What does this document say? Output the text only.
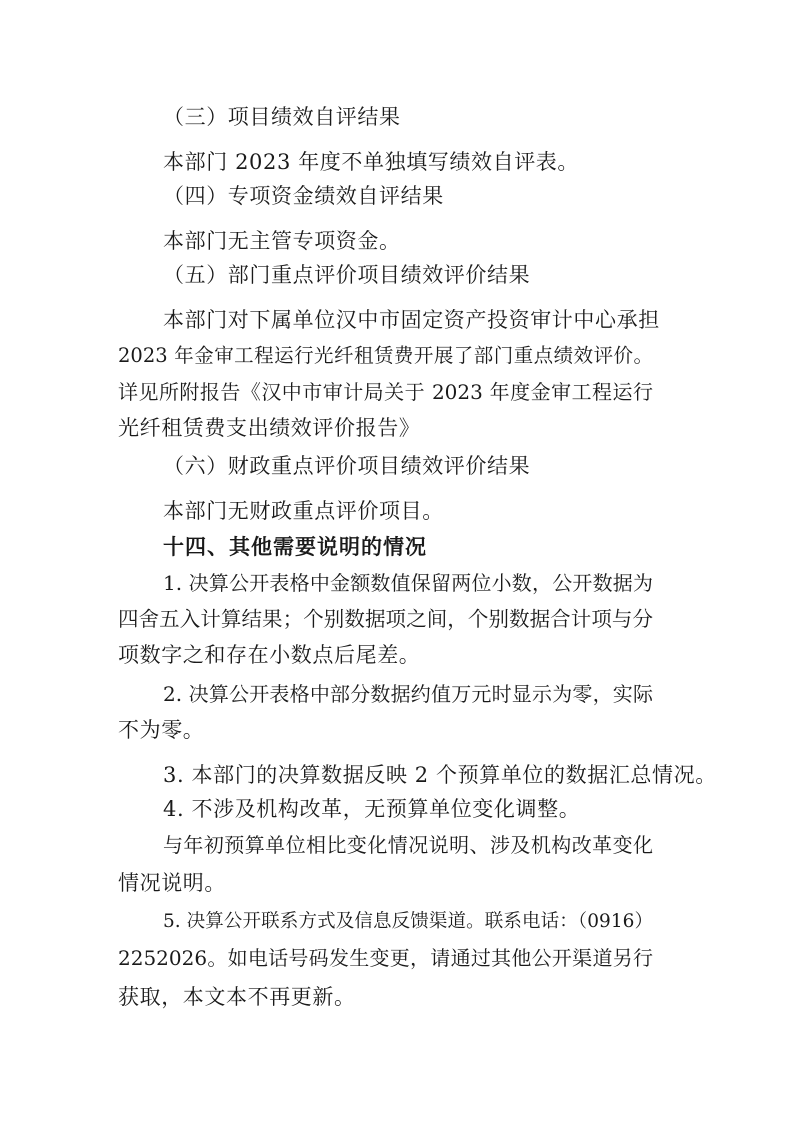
（三）项目绩效自评结果

本部门 2023 年度不单独填写绩效自评表。

（四）专项资金绩效自评结果

本部门无主管专项资金。

（五）部门重点评价项目绩效评价结果

本部门对下属单位汉中市固定资产投资审计中心承担

2023 年金审工程运行光纤租赁费开展了部门重点绩效评价。

详见所附报告《汉中市审计局关于 2023 年度金审工程运行

光纤租赁费支出绩效评价报告》

（六）财政重点评价项目绩效评价结果

本部门无财政重点评价项目。

十四、其他需要说明的情况

1. 决算公开表格中金额数值保留两位小数，公开数据为

四舍五入计算结果；个别数据项之间，个别数据合计项与分

项数字之和存在小数点后尾差。

2. 决算公开表格中部分数据约值万元时显示为零，实际

不为零。

3. 本部门的决算数据反映 2 个预算单位的数据汇总情况。

4. 不涉及机构改革，无预算单位变化调整。

与年初预算单位相比变化情况说明、涉及机构改革变化

情况说明。

5. 决算公开联系方式及信息反馈渠道。联系电话：（0916）

2252026。如电话号码发生变更，请通过其他公开渠道另行

获取，本文本不再更新。
